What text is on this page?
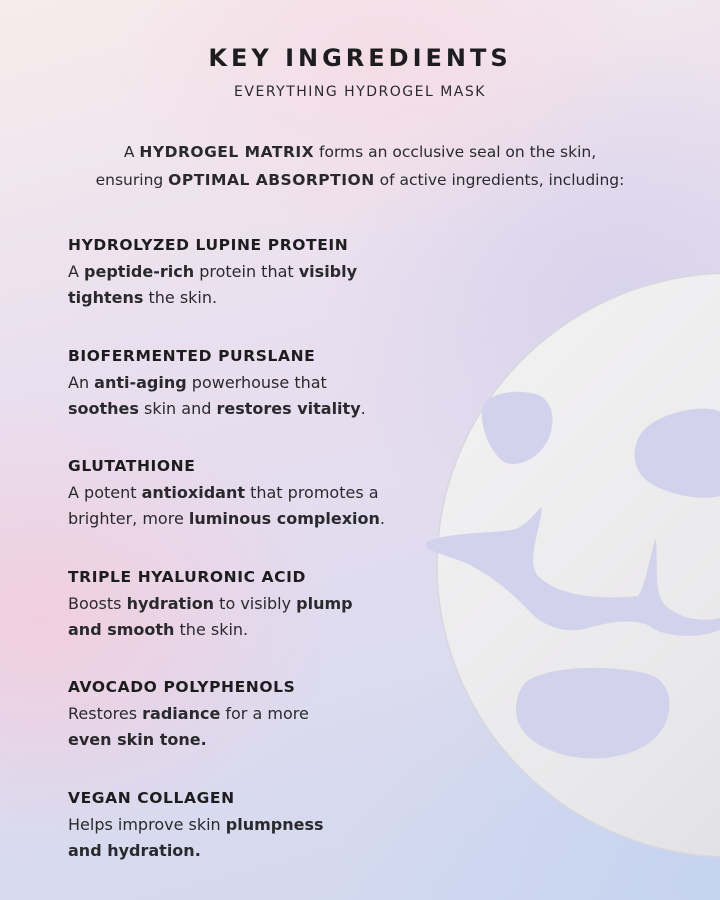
KEY INGREDIENTS
EVERYTHING HYDROGEL MASK
A HYDROGEL MATRIX forms an occlusive seal on the skin,
ensuring OPTIMAL ABSORPTION of active ingredients, including:
HYDROLYZED LUPINE PROTEIN
A peptide-rich protein that visibly
tightens the skin.
BIOFERMENTED PURSLANE
An anti-aging powerhouse that
soothes skin and restores vitality.
GLUTATHIONE
A potent antioxidant that promotes a
brighter, more luminous complexion.
TRIPLE HYALURONIC ACID
Boosts hydration to visibly plump
and smooth the skin.
AVOCADO POLYPHENOLS
Restores radiance for a more
even skin tone.
VEGAN COLLAGEN
Helps improve skin plumpness
and hydration.
